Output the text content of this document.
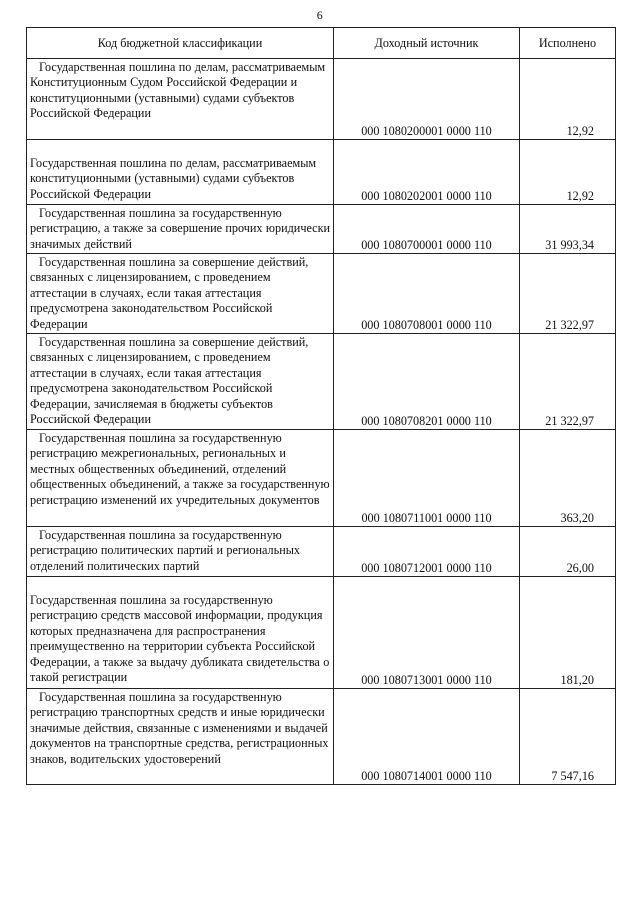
6
Код бюджетной классификации	Доходный источник	Исполнено
Государственная пошлина по делам, рассматриваемым Конституционным Судом Российской Федерации и конституционными (уставными) судами субъектов Российской Федерации	000 1080200001 0000 110	12,92

Государственная пошлина по делам, рассматриваемым конституционными (уставными) судами субъектов Российской Федерации	000 1080202001 0000 110	12,92
Государственная пошлина за государственную регистрацию, а также за совершение прочих юридически значимых действий	000 1080700001 0000 110	31 993,34
Государственная пошлина за совершение действий, связанных с лицензированием, с проведением аттестации в случаях, если такая аттестация предусмотрена законодательством Российской Федерации	000 1080708001 0000 110	21 322,97
Государственная пошлина за совершение действий, связанных с лицензированием, с проведением аттестации в случаях, если такая аттестация предусмотрена законодательством Российской Федерации, зачисляемая в бюджеты субъектов Российской Федерации	000 1080708201 0000 110	21 322,97
Государственная пошлина за государственную регистрацию межрегиональных, региональных и местных общественных объединений, отделений общественных объединений, а также за государственную регистрацию изменений их учредительных документов	000 1080711001 0000 110	363,20
Государственная пошлина за государственную регистрацию политических партий и региональных отделений политических партий	000 1080712001 0000 110	26,00

Государственная пошлина за государственную регистрацию средств массовой информации, продукция которых предназначена для распространения преимущественно на территории субъекта Российской Федерации, а также за выдачу дубликата свидетельства о такой регистрации	000 1080713001 0000 110	181,20
Государственная пошлина за государственную регистрацию транспортных средств и иные юридически значимые действия, связанные с изменениями и выдачей документов на транспортные средства, регистрационных знаков, водительских удостоверений	000 1080714001 0000 110	7 547,16
